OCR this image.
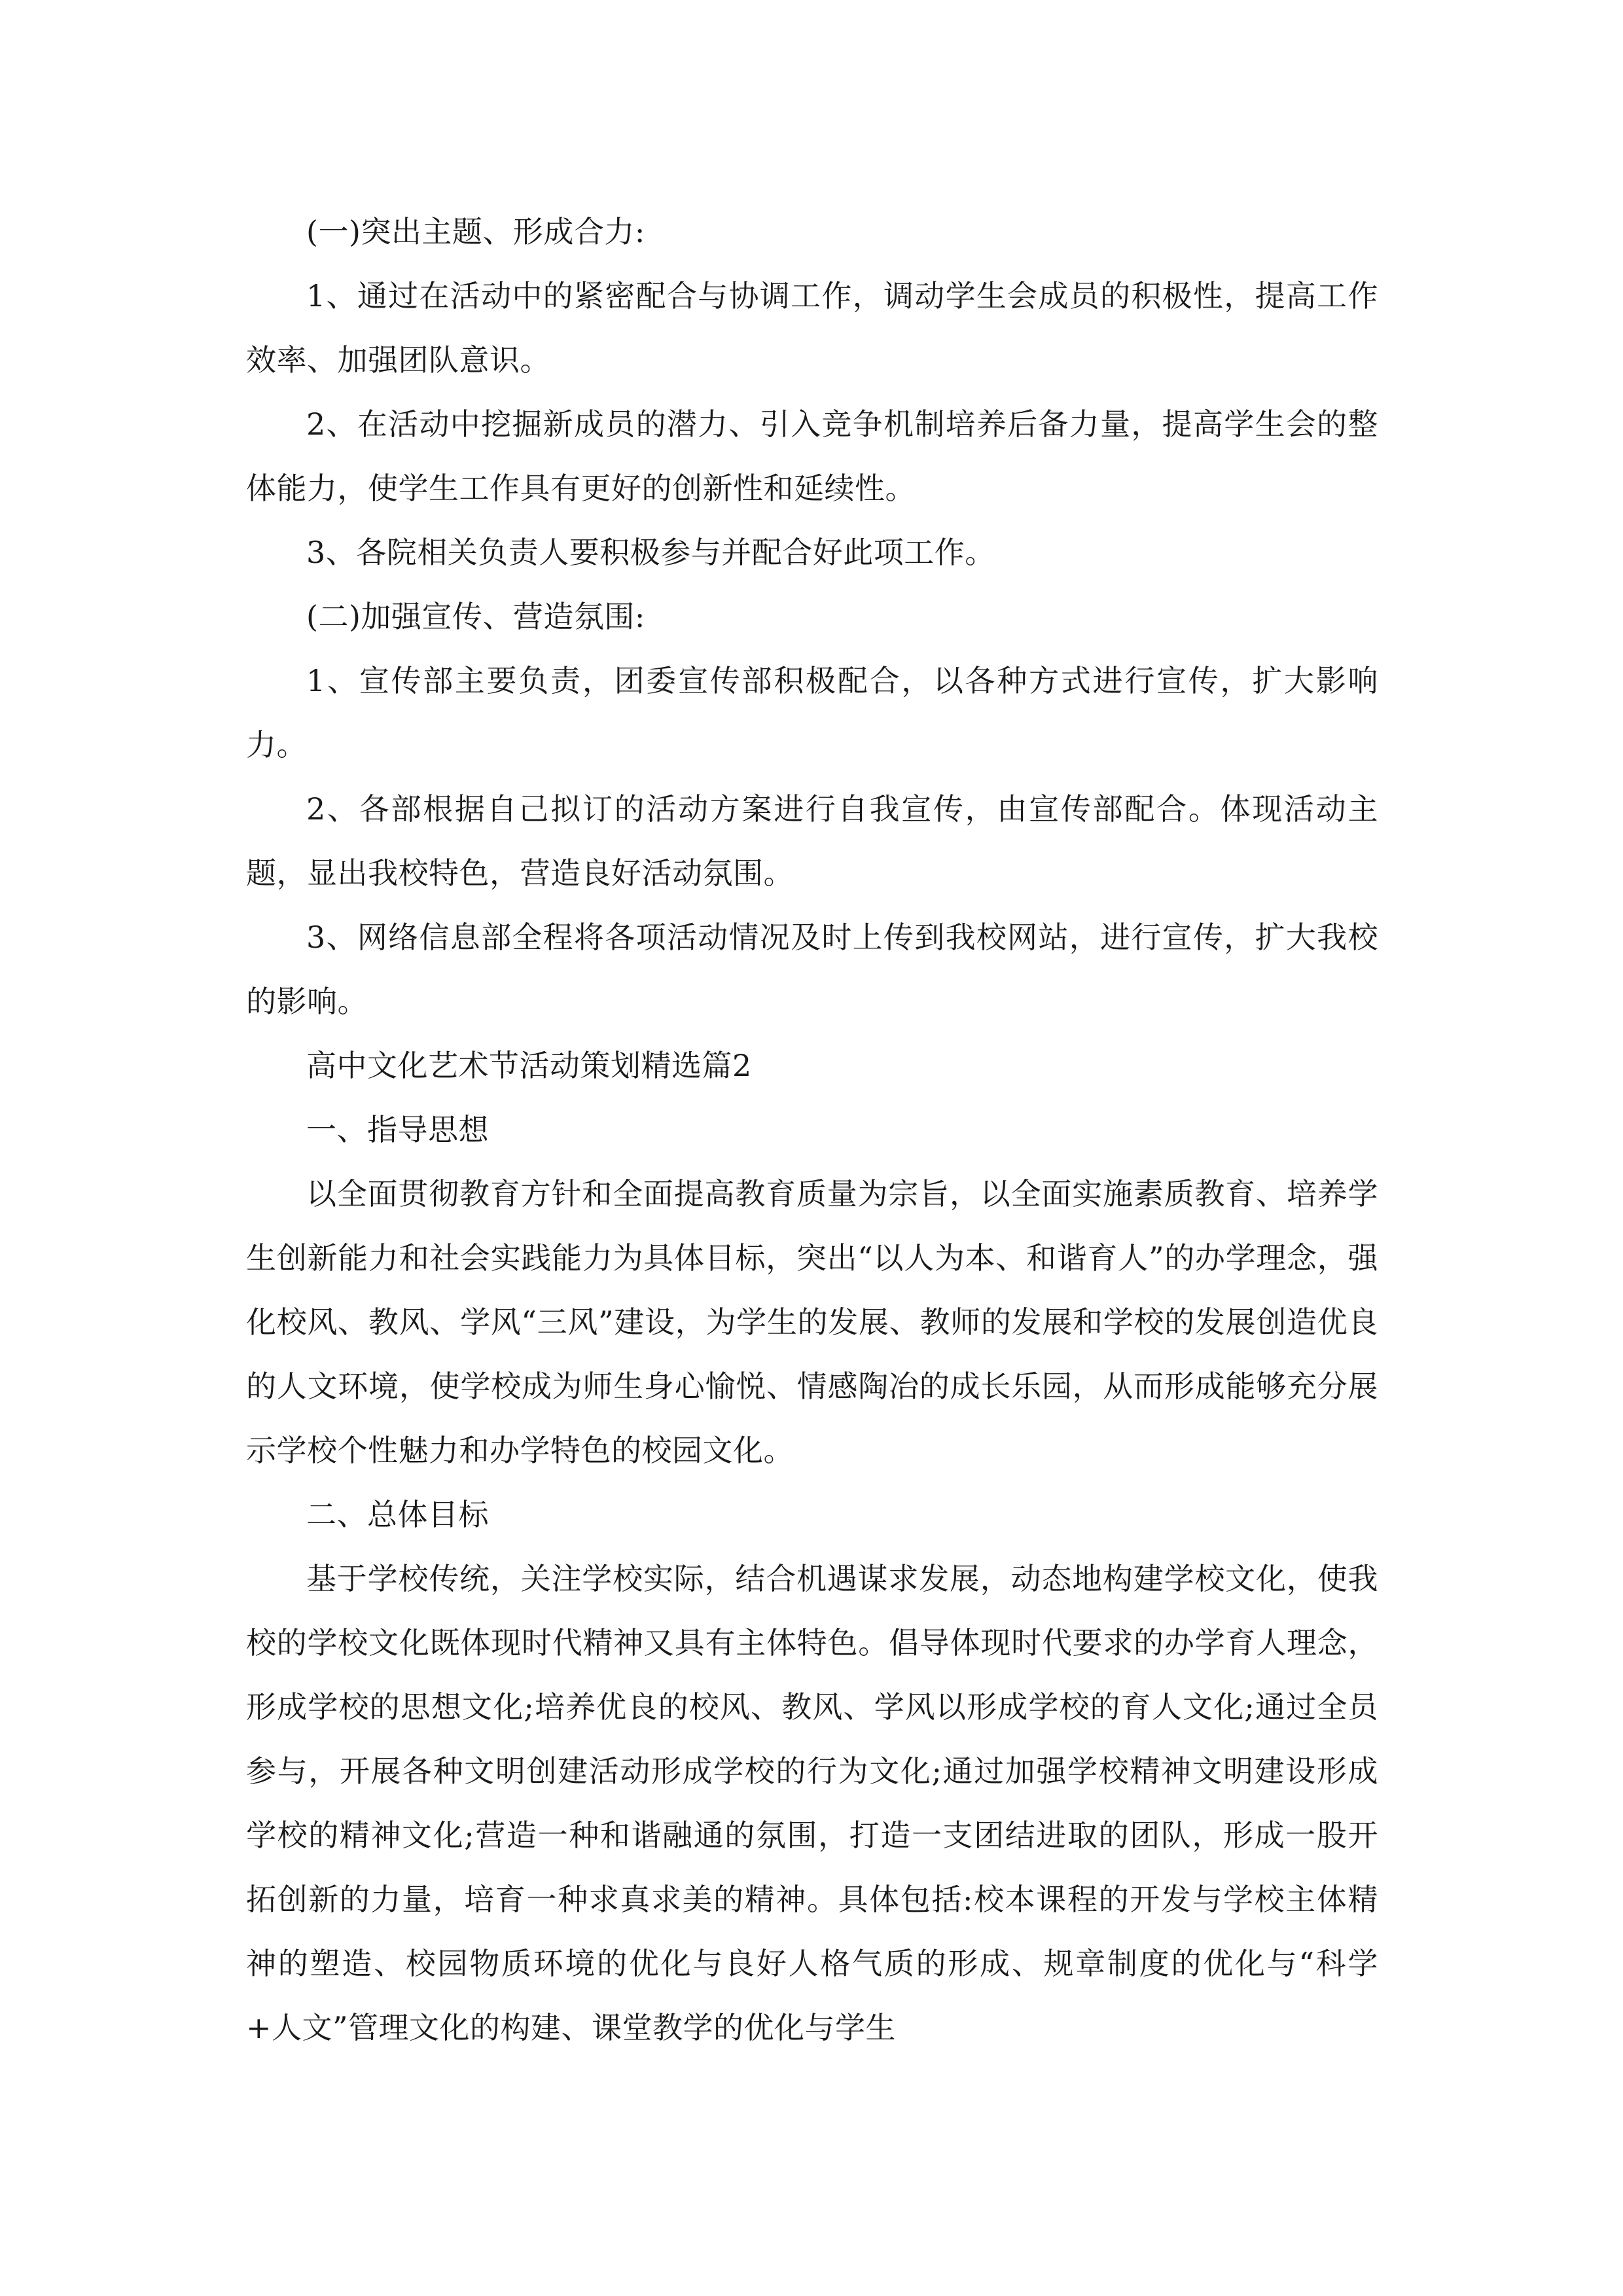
(一)突出主题、形成合力:

1、通过在活动中的紧密配合与协调工作，调动学生会成员的积极性，提高工作效率、加强团队意识。

2、在活动中挖掘新成员的潜力、引入竞争机制培养后备力量，提高学生会的整体能力，使学生工作具有更好的创新性和延续性。

3、各院相关负责人要积极参与并配合好此项工作。

(二)加强宣传、营造氛围:

1、宣传部主要负责，团委宣传部积极配合，以各种方式进行宣传，扩大影响力。

2、各部根据自己拟订的活动方案进行自我宣传，由宣传部配合。体现活动主题，显出我校特色，营造良好活动氛围。

3、网络信息部全程将各项活动情况及时上传到我校网站，进行宣传，扩大我校的影响。

高中文化艺术节活动策划精选篇2

一、指导思想

以全面贯彻教育方针和全面提高教育质量为宗旨，以全面实施素质教育、培养学生创新能力和社会实践能力为具体目标，突出“以人为本、和谐育人”的办学理念，强化校风、教风、学风“三风”建设，为学生的发展、教师的发展和学校的发展创造优良的人文环境，使学校成为师生身心愉悦、情感陶冶的成长乐园，从而形成能够充分展示学校个性魅力和办学特色的校园文化。

二、总体目标

基于学校传统，关注学校实际，结合机遇谋求发展，动态地构建学校文化，使我校的学校文化既体现时代精神又具有主体特色。倡导体现时代要求的办学育人理念，形成学校的思想文化;培养优良的校风、教风、学风以形成学校的育人文化;通过全员参与，开展各种文明创建活动形成学校的行为文化;通过加强学校精神文明建设形成学校的精神文化;营造一种和谐融通的氛围，打造一支团结进取的团队，形成一股开拓创新的力量，培育一种求真求美的精神。具体包括:校本课程的开发与学校主体精神的塑造、校园物质环境的优化与良好人格气质的形成、规章制度的优化与“科学+人文”管理文化的构建、课堂教学的优化与学生
